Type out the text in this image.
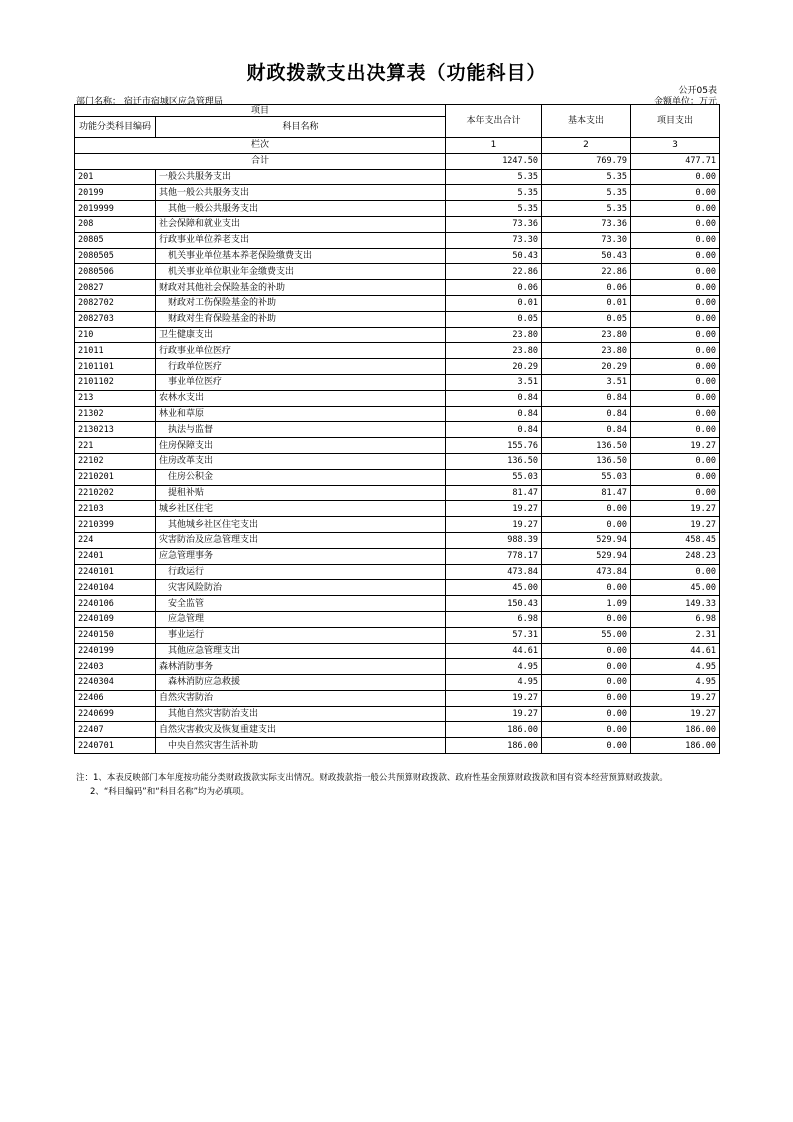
财政拨款支出决算表（功能科目）
公开05表
部门名称： 宿迁市宿城区应急管理局	金额单位：万元
项目		本年支出合计	基本支出	项目支出
功能分类科目编码	科目名称			
栏次		1	2	3
合计		1247.50	769.79	477.71
201	一般公共服务支出	5.35	5.35	0.00
20199	其他一般公共服务支出	5.35	5.35	0.00
2019999	其他一般公共服务支出	5.35	5.35	0.00
208	社会保障和就业支出	73.36	73.36	0.00
20805	行政事业单位养老支出	73.30	73.30	0.00
2080505	机关事业单位基本养老保险缴费支出	50.43	50.43	0.00
2080506	机关事业单位职业年金缴费支出	22.86	22.86	0.00
20827	财政对其他社会保险基金的补助	0.06	0.06	0.00
2082702	财政对工伤保险基金的补助	0.01	0.01	0.00
2082703	财政对生育保险基金的补助	0.05	0.05	0.00
210	卫生健康支出	23.80	23.80	0.00
21011	行政事业单位医疗	23.80	23.80	0.00
2101101	行政单位医疗	20.29	20.29	0.00
2101102	事业单位医疗	3.51	3.51	0.00
213	农林水支出	0.84	0.84	0.00
21302	林业和草原	0.84	0.84	0.00
2130213	执法与监督	0.84	0.84	0.00
221	住房保障支出	155.76	136.50	19.27
22102	住房改革支出	136.50	136.50	0.00
2210201	住房公积金	55.03	55.03	0.00
2210202	提租补贴	81.47	81.47	0.00
22103	城乡社区住宅	19.27	0.00	19.27
2210399	其他城乡社区住宅支出	19.27	0.00	19.27
224	灾害防治及应急管理支出	988.39	529.94	458.45
22401	应急管理事务	778.17	529.94	248.23
2240101	行政运行	473.84	473.84	0.00
2240104	灾害风险防治	45.00	0.00	45.00
2240106	安全监管	150.43	1.09	149.33
2240109	应急管理	6.98	0.00	6.98
2240150	事业运行	57.31	55.00	2.31
2240199	其他应急管理支出	44.61	0.00	44.61
22403	森林消防事务	4.95	0.00	4.95
2240304	森林消防应急救援	4.95	0.00	4.95
22406	自然灾害防治	19.27	0.00	19.27
2240699	其他自然灾害防治支出	19.27	0.00	19.27
22407	自然灾害救灾及恢复重建支出	186.00	0.00	186.00
2240701	中央自然灾害生活补助	186.00	0.00	186.00
注：1、本表反映部门本年度按功能分类财政拨款实际支出情况。财政拨款指一般公共预算财政拨款、政府性基金预算财政拨款和国有资本经营预算财政拨款。
2、“科目编码”和“科目名称”均为必填项。
